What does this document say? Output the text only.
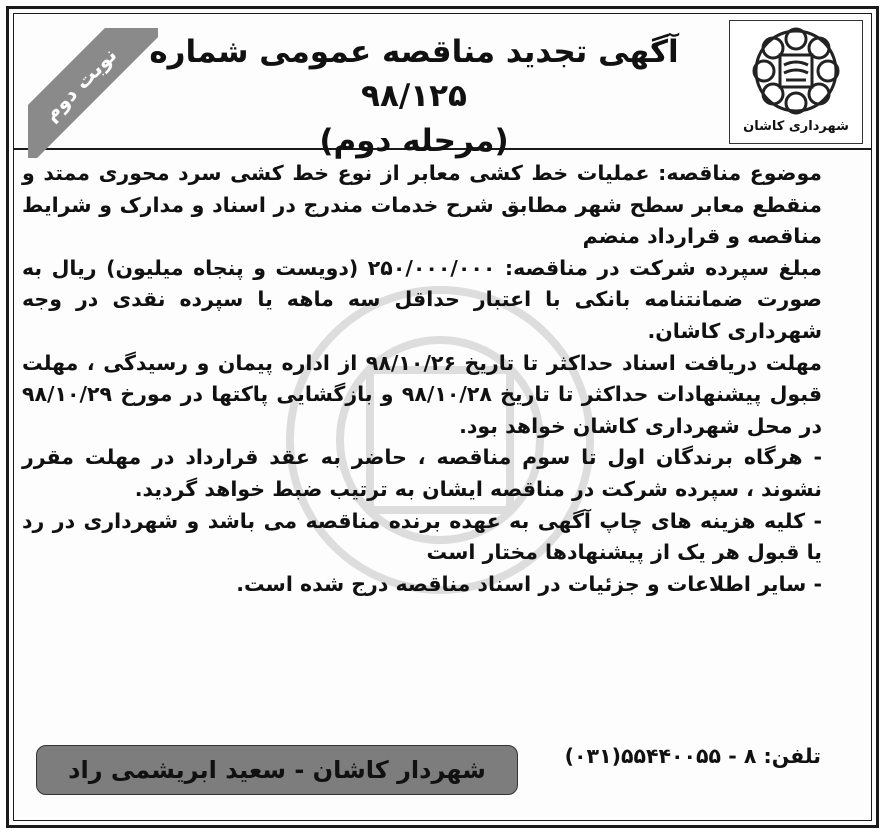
نوبت دوم آگهی تجدید مناقصه عمومی شماره ۹۸/۱۲۵
(مرحله دوم)	شهرداری کاشان

موضوع مناقصه: عملیات خط کشی معابر از نوع خط کشی سرد محوری ممتد و منقطع معابر سطح شهر مطابق شرح خدمات مندرج در اسناد و مدارک و شرایط مناقصه و قرارداد منضم

مبلغ سپرده شرکت در مناقصه: ۲۵۰/۰۰۰/۰۰۰ (دویست و پنجاه میلیون) ریال به صورت ضمانتنامه بانکی با اعتبار حداقل سه ماهه یا سپرده نقدی در وجه شهرداری کاشان.

مهلت دریافت اسناد حداکثر تا تاریخ ۹۸/۱۰/۲۶ از اداره پیمان و رسیدگی ، مهلت قبول پیشنهادات حداکثر تا تاریخ ۹۸/۱۰/۲۸ و بازگشایی پاکتها در مورخ ۹۸/۱۰/۲۹ در محل شهرداری کاشان خواهد بود.

- هرگاه برندگان اول تا سوم مناقصه ، حاضر به عقد قرارداد در مهلت مقرر نشوند ، سپرده شرکت در مناقصه ایشان به ترتیب ضبط خواهد گردید.

- کلیه هزینه های چاپ آگهی به عهده برنده مناقصه می باشد و شهرداری در رد یا قبول هر یک از پیشنهادها مختار است

- سایر اطلاعات و جزئیات در اسناد مناقصه درج شده است.

تلفن: ۸ - ۵۵۴۴۰۰۵۵(۰۳۱)
شهردار کاشان - سعید ابریشمی راد
